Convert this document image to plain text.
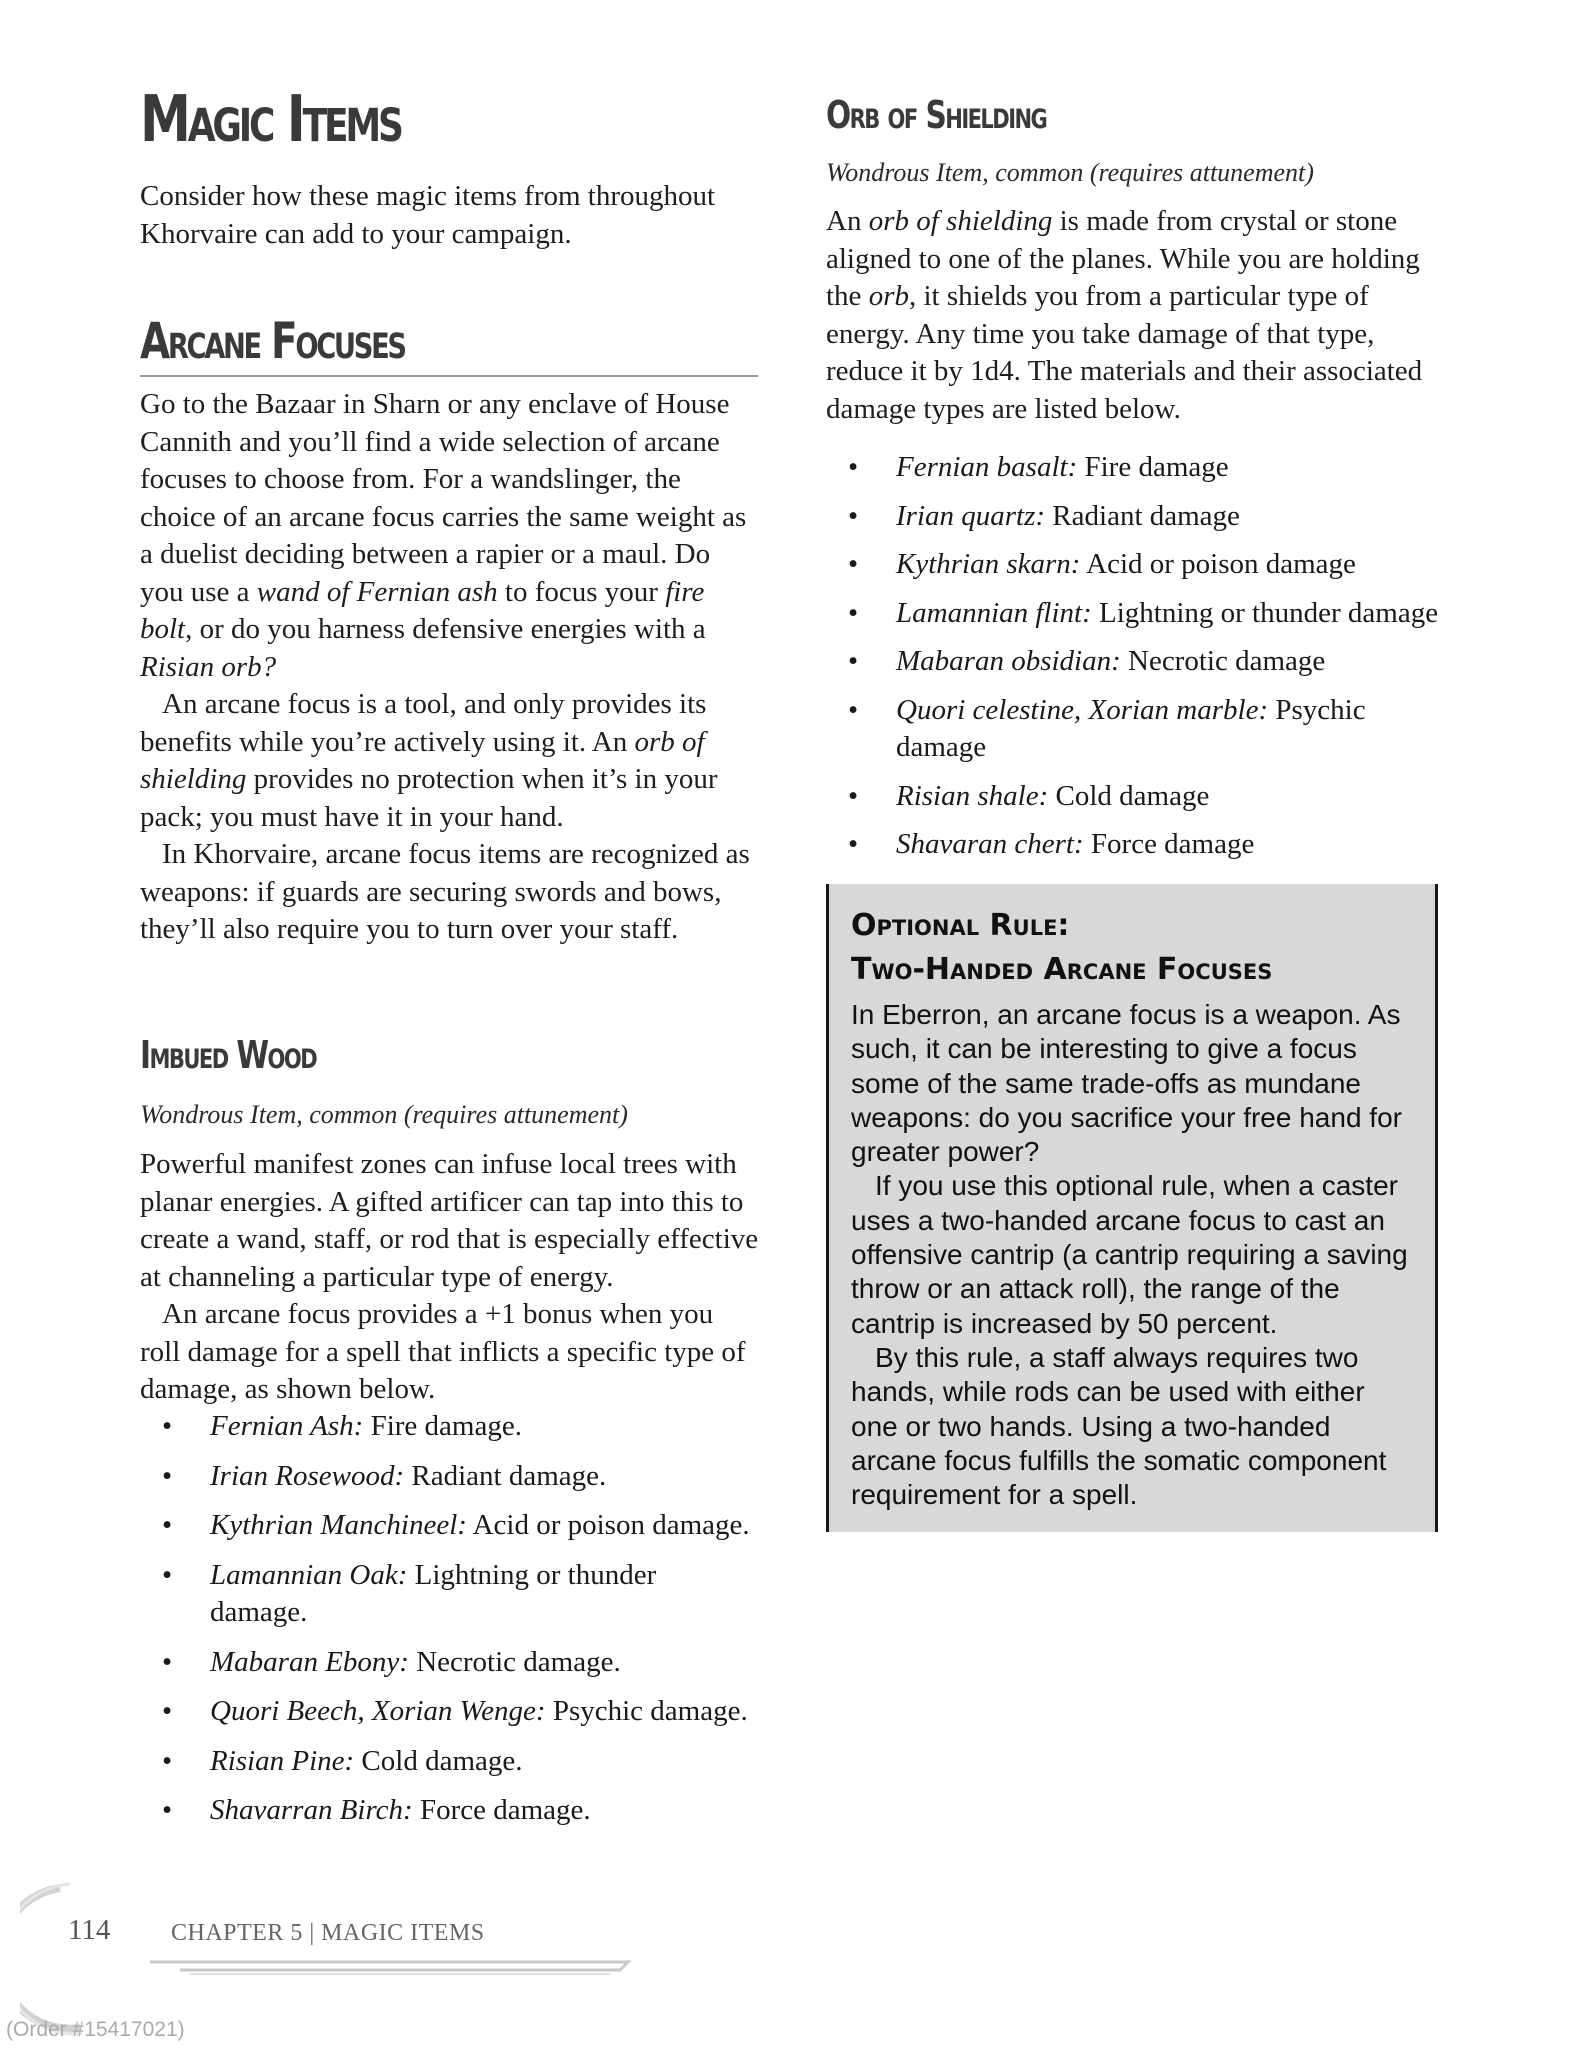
Magic Items

Consider how these magic items from throughout Khorvaire can add to your campaign.

Arcane Focuses

Go to the Bazaar in Sharn or any enclave of House Cannith and you’ll find a wide selection of arcane focuses to choose from. For a wandslinger, the choice of an arcane focus carries the same weight as a duelist deciding between a rapier or a maul. Do you use a wand of Fernian ash to focus your fire bolt, or do you harness defensive energies with a Risian orb?

An arcane focus is a tool, and only provides its benefits while you’re actively using it. An orb of shielding provides no protection when it’s in your pack; you must have it in your hand.

In Khorvaire, arcane focus items are recognized as weapons: if guards are securing swords and bows, they’ll also require you to turn over your staff.

Imbued Wood

Wondrous Item, common (requires attunement)

Powerful manifest zones can infuse local trees with planar energies. A gifted artificer can tap into this to create a wand, staff, or rod that is especially effective at channeling a particular type of energy.

An arcane focus provides a +1 bonus when you roll damage for a spell that inflicts a specific type of damage, as shown below.

• Fernian Ash: Fire damage.
• Irian Rosewood: Radiant damage.
• Kythrian Manchineel: Acid or poison damage.
• Lamannian Oak: Lightning or thunder damage.
• Mabaran Ebony: Necrotic damage.
• Quori Beech, Xorian Wenge: Psychic damage.
• Risian Pine: Cold damage.
• Shavarran Birch: Force damage.
Orb of Shielding

Wondrous Item, common (requires attunement)

An orb of shielding is made from crystal or stone aligned to one of the planes. While you are holding the orb, it shields you from a particular type of energy. Any time you take damage of that type, reduce it by 1d4. The materials and their associated damage types are listed below.

• Fernian basalt: Fire damage
• Irian quartz: Radiant damage
• Kythrian skarn: Acid or poison damage
• Lamannian flint: Lightning or thunder damage
• Mabaran obsidian: Necrotic damage
• Quori celestine, Xorian marble: Psychic damage
• Risian shale: Cold damage
• Shavaran chert: Force damage
Optional Rule:
Two-Handed Arcane Focuses

In Eberron, an arcane focus is a weapon. As such, it can be interesting to give a focus some of the same trade-offs as mundane weapons: do you sacrifice your free hand for greater power?

If you use this optional rule, when a caster uses a two-handed arcane focus to cast an offensive cantrip (a cantrip requiring a saving throw or an attack roll), the range of the cantrip is increased by 50 percent.

By this rule, a staff always requires two hands, while rods can be used with either one or two hands. Using a two-handed arcane focus fulfills the somatic component requirement for a spell.

114	CHAPTER 5 | MAGIC ITEMS
(Order #15417021)
